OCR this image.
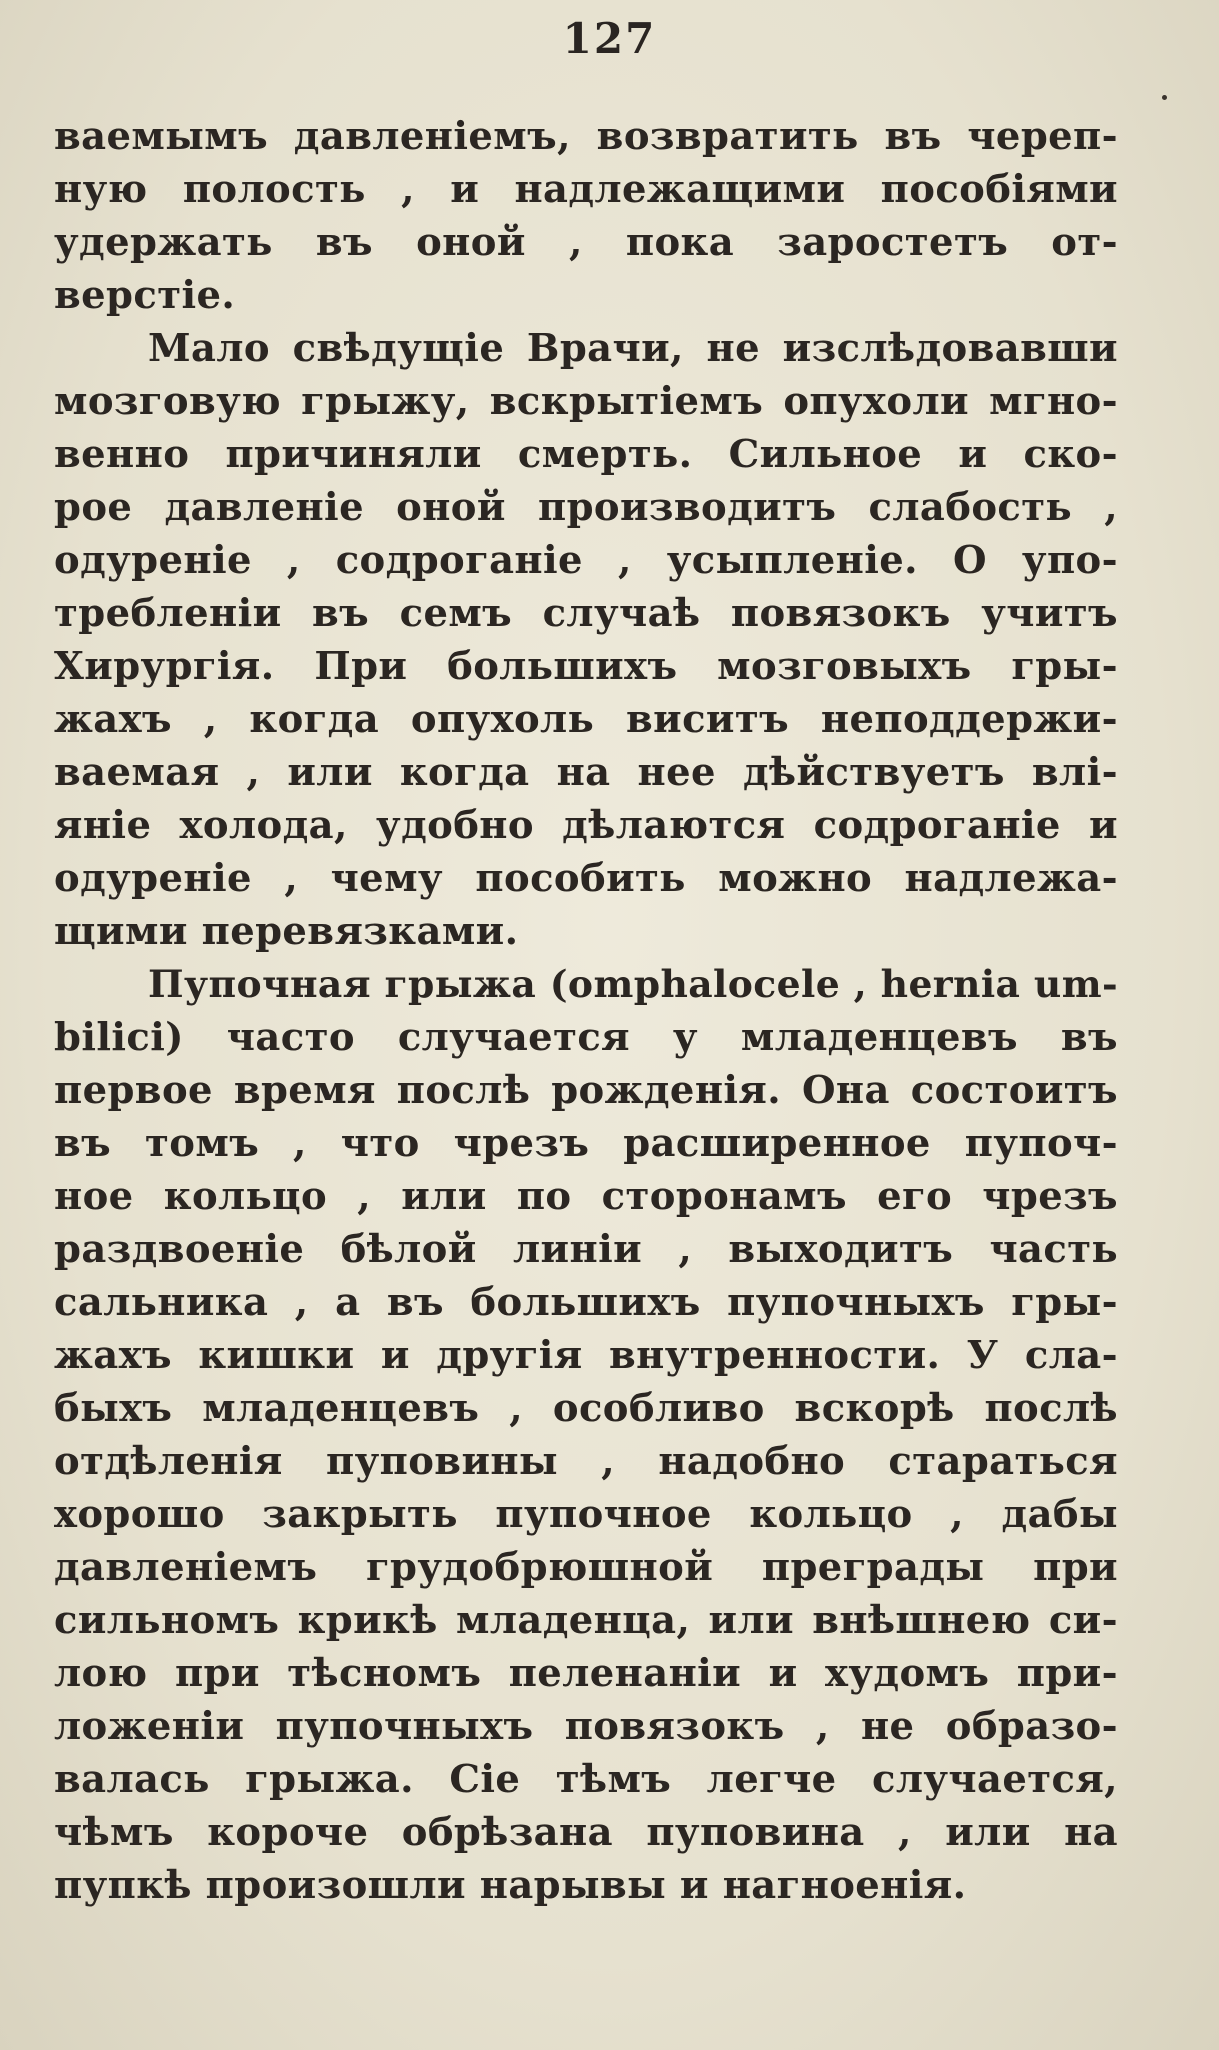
127
ваемымъ давленіемъ, возвратить въ череп-
ную полость , и надлежащими пособіями
удержать въ оной , пока заростетъ от-
верстіе.
Мало свѣдущіе Врачи, не изслѣдовавши
мозговую грыжу, вскрытіемъ опухоли мгно-
венно причиняли смерть. Сильное и ско-
рое давленіе оной производитъ слабость ,
одуреніе , содроганіе , усыпленіе. О упо-
треблeнiи въ семъ случаѣ повязокъ учитъ
Хирургія. При большихъ мозговыхъ гры-
жахъ , когда опухоль виситъ неподдержи-
ваемая , или когда на нее дѣйствуетъ влі-
яніе холода, удобно дѣлаются содроганіе и
одуреніе , чему пособить можно надлежа-
щими перевязками.
Пупочная грыжа (omphalocele , hernia um-
bilici) часто случается у младенцевъ въ
первое время послѣ рожденія. Она состоитъ
въ томъ , что чрезъ расширенное пупоч-
ное кольцо , или по сторонамъ его чрезъ
раздвоеніе бѣлой линіи , выходитъ часть
сальника , а въ большихъ пупочныхъ гры-
жахъ кишки и другія внутренности. У сла-
быхъ младенцевъ , особливо вскорѣ послѣ
отдѣленія пуповины , надобно стараться
хорошо закрыть пупочное кольцо , дабы
давленіемъ грудобрюшной преграды при
сильномъ крикѣ младенца, или внѣшнею си-
лою при тѣсномъ пеленаніи и худомъ при-
ложеніи пупочныхъ повязокъ , не образо-
валась грыжа. Сіе тѣмъ легче случается,
чѣмъ короче обрѣзана пуповина , или на
пупкѣ произошли нарывы и нагноенія.
